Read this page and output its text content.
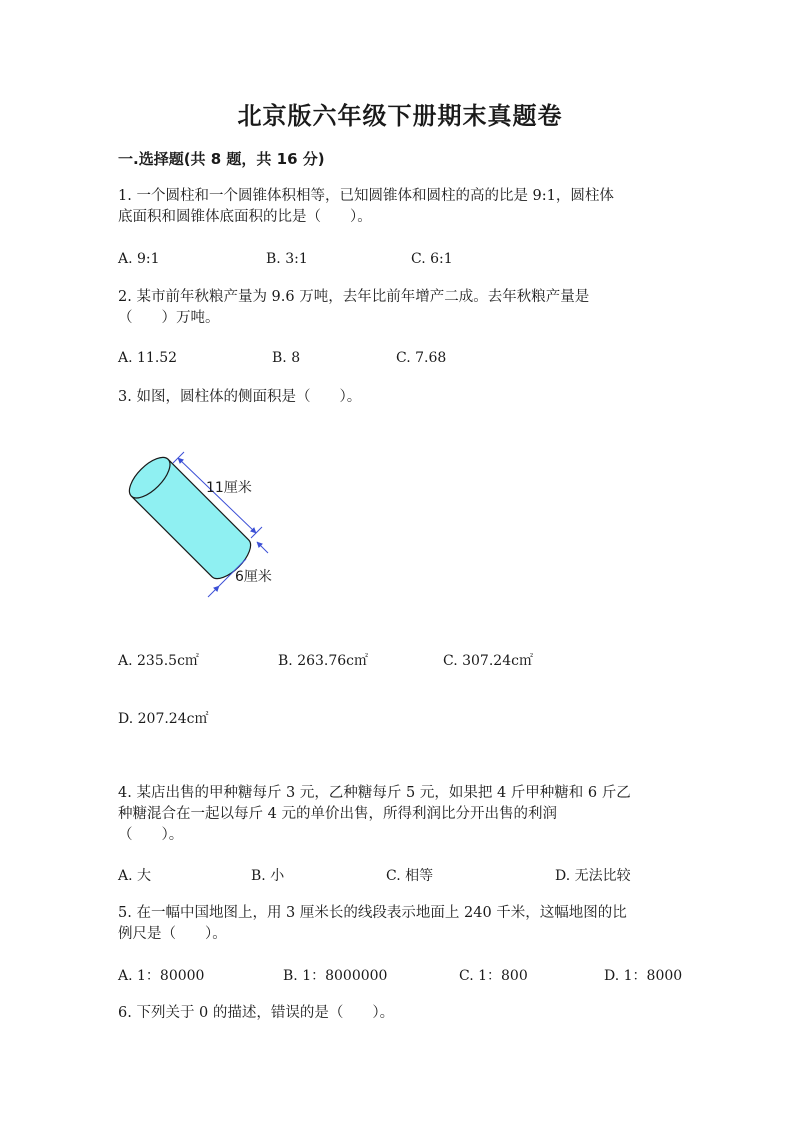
北京版六年级下册期末真题卷
一.选择题(共 8 题，共 16 分)
1. 一个圆柱和一个圆锥体积相等，已知圆锥体和圆柱的高的比是 9:1，圆柱体
底面积和圆锥体底面积的比是（　　）。
A. 9:1	B. 3:1	C. 6:1
2. 某市前年秋粮产量为 9.6 万吨，去年比前年增产二成。去年秋粮产量是
（　　）万吨。
A. 11.52	B. 8	C. 7.68
3. 如图，圆柱体的侧面积是（　　）。
11厘米
6厘米
A. 235.5c㎡	B. 263.76c㎡	C. 307.24c㎡
D. 207.24c㎡
4. 某店出售的甲种糖每斤 3 元，乙种糖每斤 5 元，如果把 4 斤甲种糖和 6 斤乙
种糖混合在一起以每斤 4 元的单价出售，所得利润比分开出售的利润
（　　）。
A. 大	B. 小	C. 相等	D. 无法比较
5. 在一幅中国地图上，用 3 厘米长的线段表示地面上 240 千米，这幅地图的比
例尺是（　　）。
A. 1：80000	B. 1：8000000	C. 1：800	D. 1：8000
6. 下列关于 0 的描述，错误的是（　　）。
